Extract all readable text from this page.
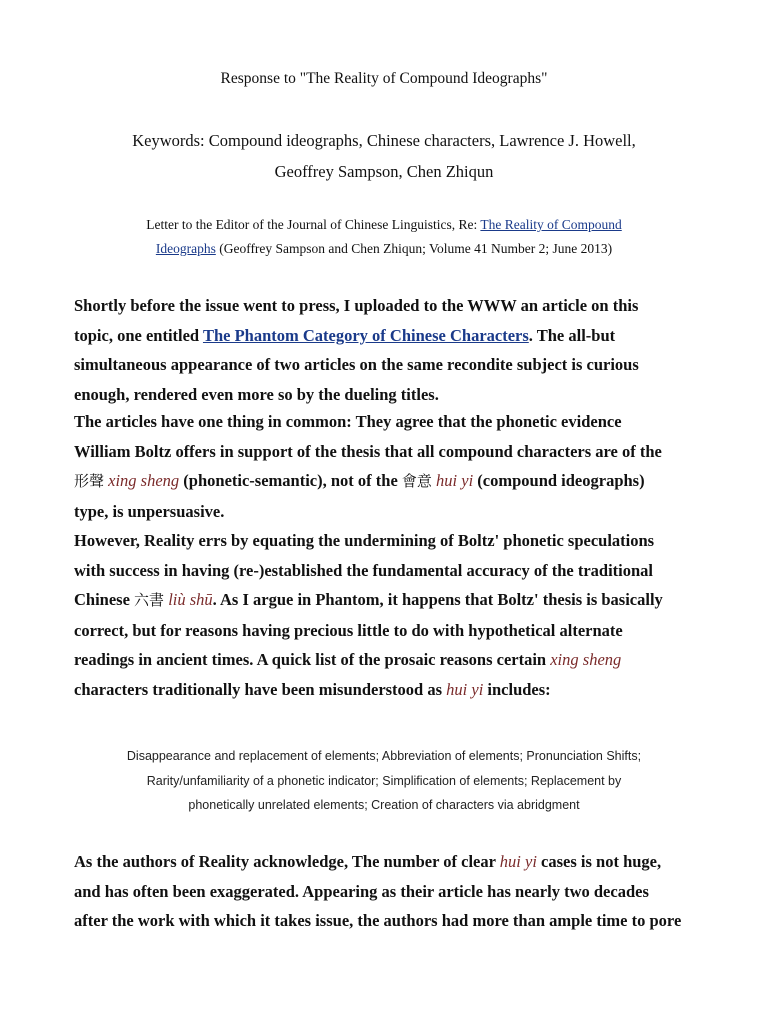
Response to "The Reality of Compound Ideographs"
Keywords: Compound ideographs, Chinese characters, Lawrence J. Howell,
Geoffrey Sampson, Chen Zhiqun
Letter to the Editor of the Journal of Chinese Linguistics, Re: The Reality of Compound
Ideographs (Geoffrey Sampson and Chen Zhiqun; Volume 41 Number 2; June 2013)
Shortly before the issue went to press, I uploaded to the WWW an article on this
topic, one entitled The Phantom Category of Chinese Characters. The all-but
simultaneous appearance of two articles on the same recondite subject is curious
enough, rendered even more so by the dueling titles.
The articles have one thing in common: They agree that the phonetic evidence
William Boltz offers in support of the thesis that all compound characters are of the
形聲 xing sheng (phonetic-semantic), not of the 會意 hui yi (compound ideographs)
type, is unpersuasive.
However, Reality errs by equating the undermining of Boltz' phonetic speculations
with success in having (re-)established the fundamental accuracy of the traditional
Chinese 六書 liù shū. As I argue in Phantom, it happens that Boltz' thesis is basically
correct, but for reasons having precious little to do with hypothetical alternate
readings in ancient times. A quick list of the prosaic reasons certain xing sheng
characters traditionally have been misunderstood as hui yi includes:
Disappearance and replacement of elements; Abbreviation of elements; Pronunciation Shifts;
Rarity/unfamiliarity of a phonetic indicator; Simplification of elements; Replacement by
phonetically unrelated elements; Creation of characters via abridgment
As the authors of Reality acknowledge, The number of clear hui yi cases is not huge,
and has often been exaggerated. Appearing as their article has nearly two decades
after the work with which it takes issue, the authors had more than ample time to pore
